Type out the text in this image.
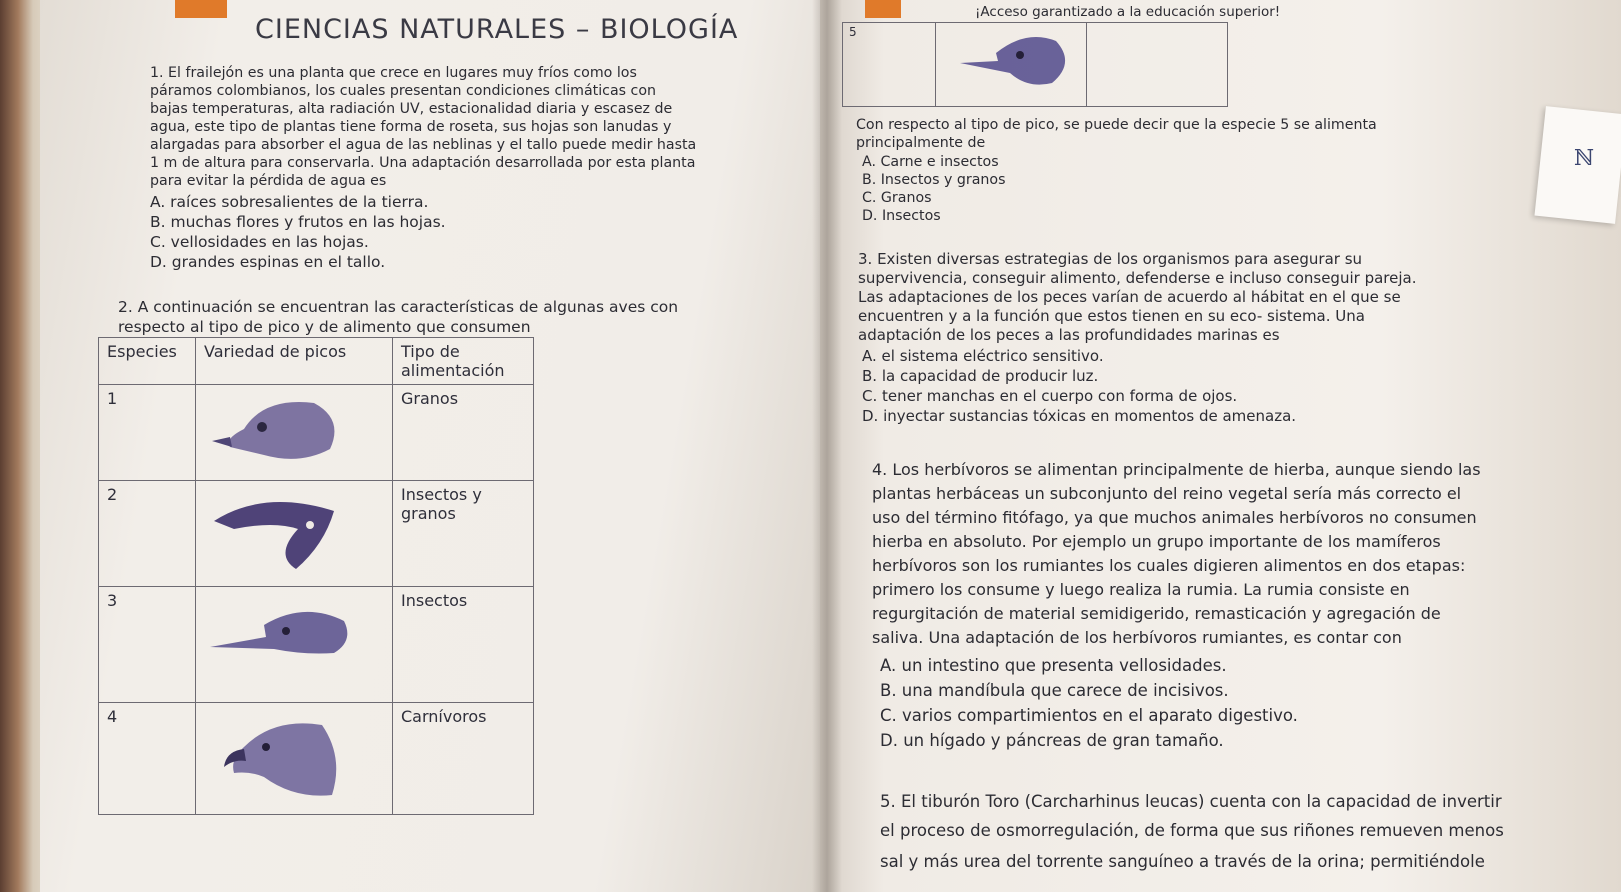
CIENCIAS NATURALES – BIOLOGÍA
1. El frailejón es una planta que crece en lugares muy fríos como los
páramos colombianos, los cuales presentan condiciones climáticas con
bajas temperaturas, alta radiación UV, estacionalidad diaria y escasez de
agua, este tipo de plantas tiene forma de roseta, sus hojas son lanudas y
alargadas para absorber el agua de las neblinas y el tallo puede medir hasta
1 m de altura para conservarla. Una adaptación desarrollada por esta planta
para evitar la pérdida de agua es
A. raíces sobresalientes de la tierra.
B. muchas flores y frutos en las hojas.
C. vellosidades en las hojas.
D. grandes espinas en el tallo.
2. A continuación se encuentran las características de algunas aves con
respecto al tipo de pico y de alimento que consumen
Especies	Variedad de picos	Tipo de alimentación
1		Granos
2		Insectos y granos
3		Insectos
4		Carnívoros
¡Acceso garantizado a la educación superior!
5		
Con respecto al tipo de pico, se puede decir que la especie 5 se alimenta
principalmente de
A. Carne e insectos
B. Insectos y granos
C. Granos
D. Insectos
3. Existen diversas estrategias de los organismos para asegurar su
supervivencia, conseguir alimento, defenderse e incluso conseguir pareja.
Las adaptaciones de los peces varían de acuerdo al hábitat en el que se
encuentren y a la función que estos tienen en su eco- sistema. Una
adaptación de los peces a las profundidades marinas es
A. el sistema eléctrico sensitivo.
B. la capacidad de producir luz.
C. tener manchas en el cuerpo con forma de ojos.
D. inyectar sustancias tóxicas en momentos de amenaza.
4. Los herbívoros se alimentan principalmente de hierba, aunque siendo las
plantas herbáceas un subconjunto del reino vegetal sería más correcto el
uso del término fitófago, ya que muchos animales herbívoros no consumen
hierba en absoluto. Por ejemplo un grupo importante de los mamíferos
herbívoros son los rumiantes los cuales digieren alimentos en dos etapas:
primero los consume y luego realiza la rumia. La rumia consiste en
regurgitación de material semidigerido, remasticación y agregación de
saliva. Una adaptación de los herbívoros rumiantes, es contar con
A. un intestino que presenta vellosidades.
B. una mandíbula que carece de incisivos.
C. varios compartimientos en el aparato digestivo.
D. un hígado y páncreas de gran tamaño.
5. El tiburón Toro (Carcharhinus leucas) cuenta con la capacidad de invertir
el proceso de osmorregulación, de forma que sus riñones remueven menos
sal y más urea del torrente sanguíneo a través de la orina; permitiéndole
ℕ
